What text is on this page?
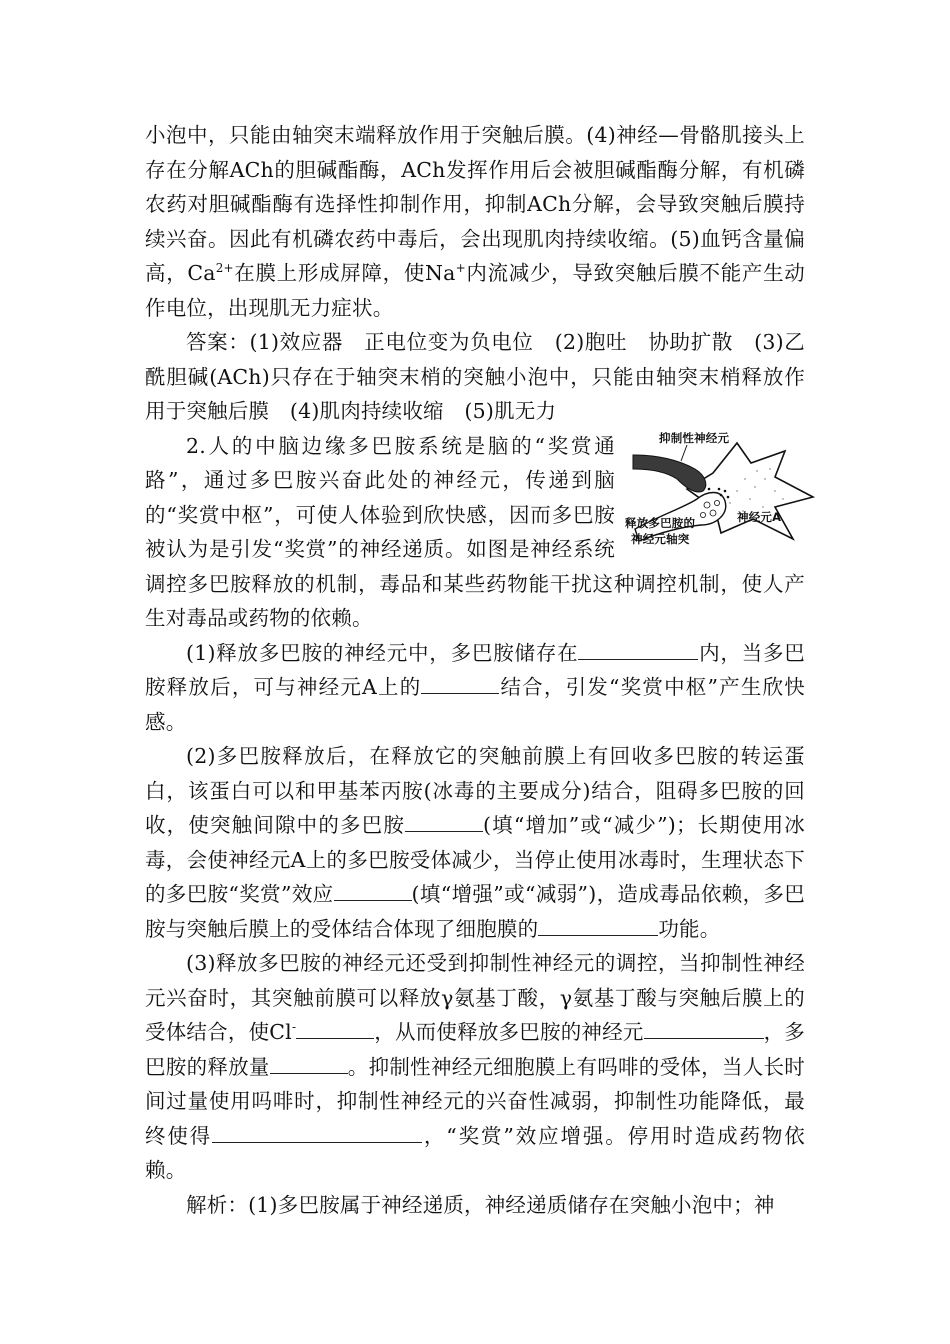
小泡中，只能由轴突末端释放作用于突触后膜。(4)神经—骨骼肌接头上存在分解ACh的胆碱酯酶，ACh发挥作用后会被胆碱酯酶分解，有机磷农药对胆碱酯酶有选择性抑制作用，抑制ACh分解，会导致突触后膜持续兴奋。因此有机磷农药中毒后，会出现肌肉持续收缩。(5)血钙含量偏高，$Ca^{2+}$在膜上形成屏障，使Na+内流减少，导致突触后膜不能产生动作电位，出现肌无力症状。

答案：(1)效应器　正电位变为负电位　(2)胞吐　协助扩散　(3)乙酰胆碱(ACh)只存在于轴突末梢的突触小泡中，只能由轴突末梢释放作用于突触后膜　(4)肌肉持续收缩　(5)肌无力

抑制性神经元
神经元A
释放多巴胺的
神经元轴突
2.人的中脑边缘多巴胺系统是脑的“奖赏通路”，通过多巴胺兴奋此处的神经元，传递到脑的“奖赏中枢”，可使人体验到欣快感，因而多巴胺被认为是引发“奖赏”的神经递质。如图是神经系统调控多巴胺释放的机制，毒品和某些药物能干扰这种调控机制，使人产生对毒品或药物的依赖。

(1)释放多巴胺的神经元中，多巴胺储存在	内，当多巴胺释放后，可与神经元A上的	结合，引发“奖赏中枢”产生欣快感。

(2)多巴胺释放后，在释放它的突触前膜上有回收多巴胺的转运蛋白，该蛋白可以和甲基苯丙胺(冰毒的主要成分)结合，阻碍多巴胺的回收，使突触间隙中的多巴胺	(填“增加”或“减少”)；长期使用冰毒，会使神经元A上的多巴胺受体减少，当停止使用冰毒时，生理状态下的多巴胺“奖赏”效应	(填“增强”或“减弱”)，造成毒品依赖，多巴胺与突触后膜上的受体结合体现了细胞膜的	功能。

(3)释放多巴胺的神经元还受到抑制性神经元的调控，当抑制性神经元兴奋时，其突触前膜可以释放γ氨基丁酸，γ氨基丁酸与突触后膜上的受体结合，使Cl-	，从而使释放多巴胺的神经元	，多巴胺的释放量	。抑制性神经元细胞膜上有吗啡的受体，当人长时间过量使用吗啡时，抑制性神经元的兴奋性减弱，抑制性功能降低，最终使得	，“奖赏”效应增强。停用时造成药物依赖。

解析：(1)多巴胺属于神经递质，神经递质储存在突触小泡中；神
